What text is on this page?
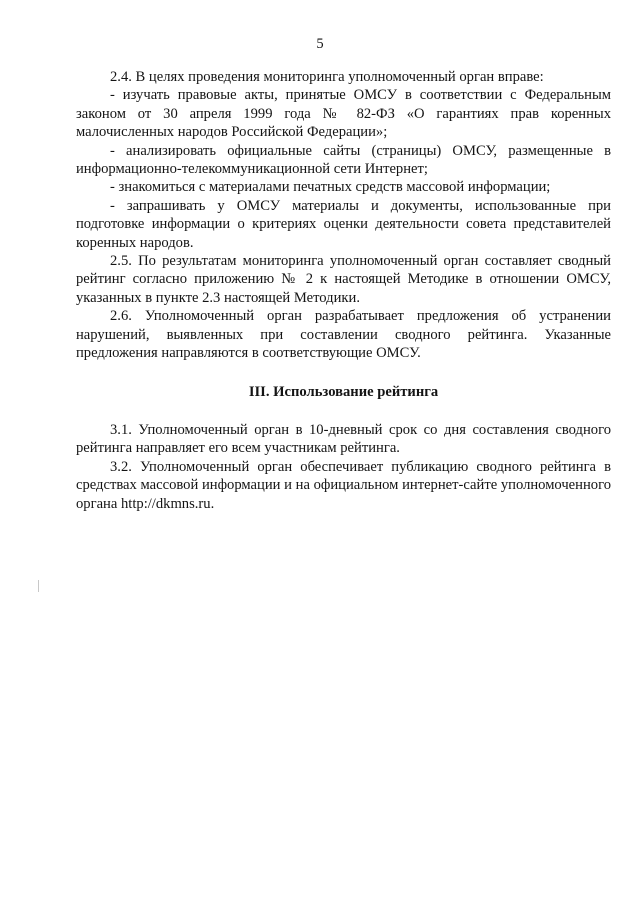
5

2.4. В целях проведения мониторинга уполномоченный орган вправе:

- изучать правовые акты, принятые ОМСУ в соответствии с Федеральным законом от 30 апреля 1999 года № 82-ФЗ «О гарантиях прав коренных малочисленных народов Российской Федерации»;

- анализировать официальные сайты (страницы) ОМСУ, размещенные в информационно-телекоммуникационной сети Интернет;

- знакомиться с материалами печатных средств массовой информации;

- запрашивать у ОМСУ материалы и документы, использованные при подготовке информации о критериях оценки деятельности совета представителей коренных народов.

2.5. По результатам мониторинга уполномоченный орган составляет сводный рейтинг согласно приложению № 2 к настоящей Методике в отношении ОМСУ, указанных в пункте 2.3 настоящей Методики.

2.6. Уполномоченный орган разрабатывает предложения об устранении нарушений, выявленных при составлении сводного рейтинга. Указанные предложения направляются в соответствующие ОМСУ.

III. Использование рейтинга

3.1. Уполномоченный орган в 10-дневный срок со дня составления сводного рейтинга направляет его всем участникам рейтинга.

3.2. Уполномоченный орган обеспечивает публикацию сводного рейтинга в средствах массовой информации и на официальном интернет-сайте уполномоченного органа http://dkmns.ru.
